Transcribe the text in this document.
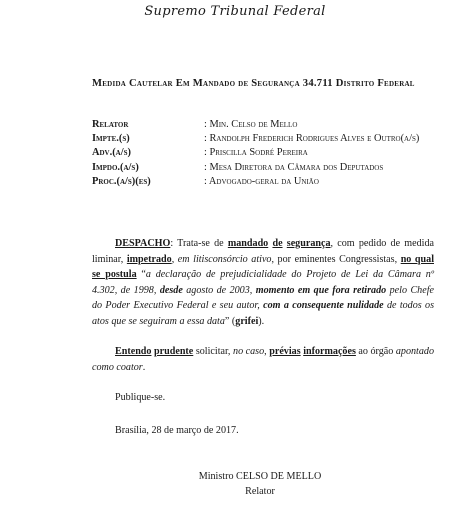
Supremo Tribunal Federal
Medida Cautelar Em Mandado de Segurança 34.711 Distrito Federal
Relator	: Min. Celso de Mello
Impte.(s)	: Randolph Frederich Rodrigues Alves e Outro(a/s)
Adv.(a/s)	: Priscilla Sodré Pereira
Impdo.(a/s)	: Mesa Diretora da Câmara dos Deputados
Proc.(a/s)(es)	: Advogado-geral da União
DESPACHO: Trata-se de mandado de segurança, com pedido de medida liminar, impetrado, em litisconsórcio ativo, por eminentes Congressistas, no qual se postula “a declaração de prejudicialidade do Projeto de Lei da Câmara nº 4.302, de 1998, desde agosto de 2003, momento em que fora retirado pelo Chefe do Poder Executivo Federal e seu autor, com a consequente nulidade de todos os atos que se seguiram a essa data” (grifei).
Entendo prudente solicitar, no caso, prévias informações ao órgão apontado como coator.
Publique-se.
Brasília, 28 de março de 2017.
Ministro CELSO DE MELLO
Relator
